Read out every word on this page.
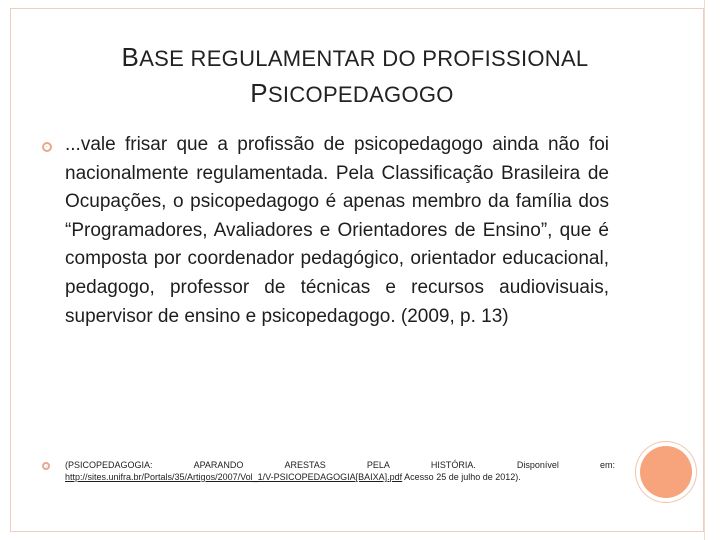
BASE REGULAMENTAR DO PROFISSIONAL
PSICOPEDAGOGO
...vale frisar que a profissão de psicopedagogo ainda não foi nacionalmente regulamentada. Pela Classificação Brasileira de Ocupações, o psicopedagogo é apenas membro da família dos “Programadores, Avaliadores e Orientadores de Ensino”, que é composta por coordenador pedagógico, orientador educacional, pedagogo, professor de técnicas e recursos audiovisuais, supervisor de ensino e psicopedagogo. (2009, p. 13)
(PSICOPEDAGOGIA:	APARANDO	ARESTAS	PELA	HISTÓRIA.	Disponível	em:
http://sites.unifra.br/Portals/35/Artigos/2007/Vol_1/V-PSICOPEDAGOGIA[BAIXA].pdf Acesso 25 de julho de 2012).
